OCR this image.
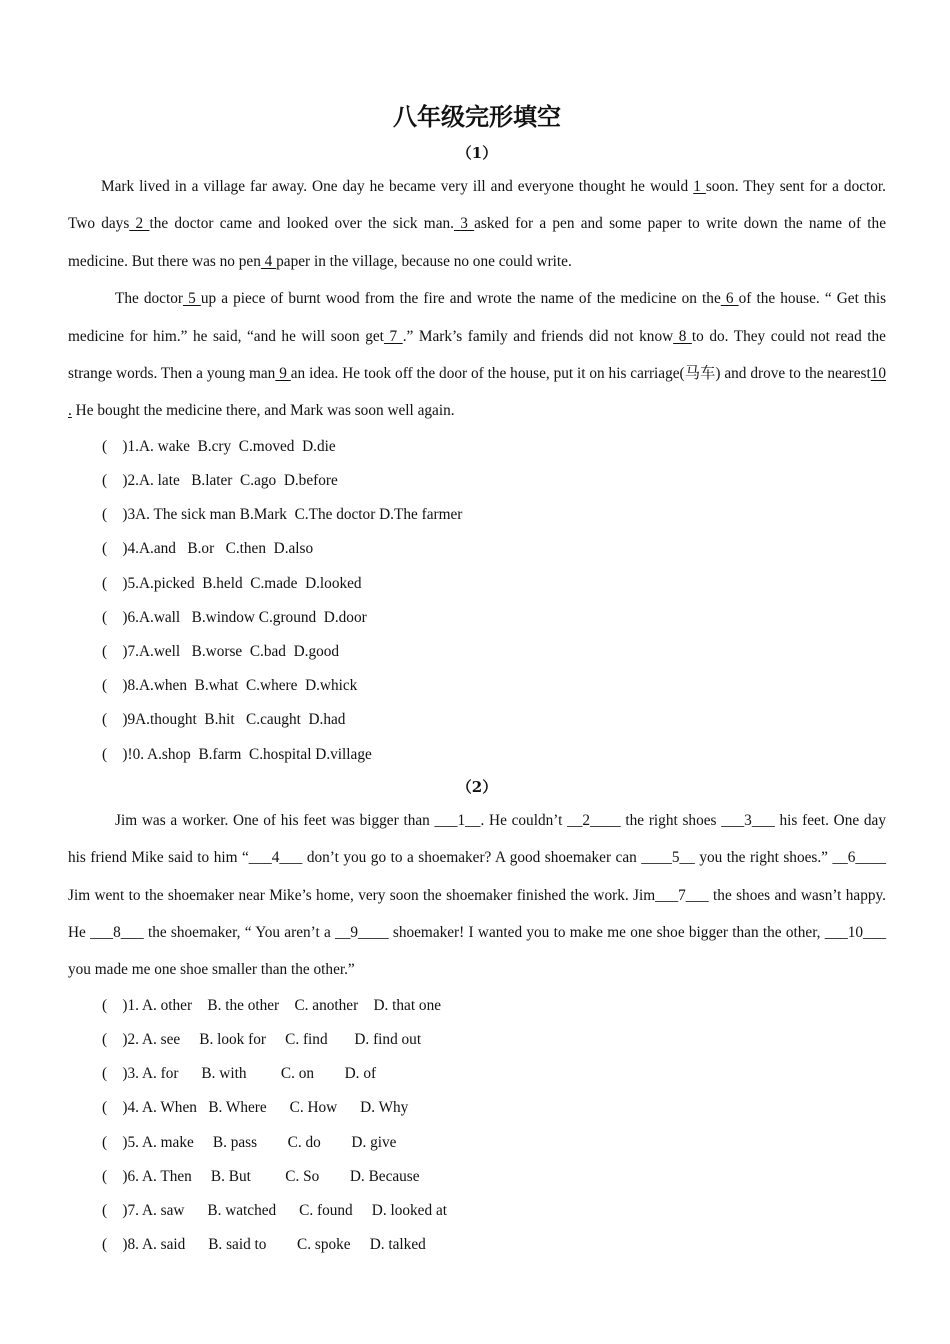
八年级完形填空
（1）

Mark lived in a village far away. One day he became very ill and everyone thought he would 1 soon. They sent for a doctor. Two days 2 the doctor came and looked over the sick man. 3 asked for a pen and some paper to write down the name of the medicine. But there was no pen 4 paper in the village, because no one could write.

The doctor 5 up a piece of burnt wood from the fire and wrote the name of the medicine on the 6 of the house. “ Get this medicine for him.” he said, “and he will soon get 7 .” Mark’s family and friends did not know 8 to do. They could not read the strange words. Then a young man 9 an idea. He took off the door of the house, put it on his carriage(马车) and drove to the nearest10 . He bought the medicine there, and Mark was soon well again.

(    )1.A. wake  B.cry  C.moved  D.die

(    )2.A. late   B.later  C.ago  D.before

(    )3A. The sick man B.Mark  C.The doctor D.The farmer

(    )4.A.and   B.or   C.then  D.also

(    )5.A.picked  B.held  C.made  D.looked

(    )6.A.wall   B.window C.ground  D.door

(    )7.A.well   B.worse  C.bad  D.good

(    )8.A.when  B.what  C.where  D.whick

(    )9A.thought  B.hit   C.caught  D.had

(    )!0. A.shop  B.farm  C.hospital D.village

（2）

Jim was a worker. One of his feet was bigger than ___1__. He couldn’t __2____ the right shoes ___3___ his feet. One day his friend Mike said to him “___4___ don’t you go to a shoemaker? A good shoemaker can ____5__ you the right shoes.” __6____ Jim went to the shoemaker near Mike’s home, very soon the shoemaker finished the work. Jim___7___ the shoes and wasn’t happy. He ___8___ the shoemaker, “ You aren’t a __9____ shoemaker! I wanted you to make me one shoe bigger than the other, ___10___ you made me one shoe smaller than the other.”

(    )1. A. other    B. the other    C. another    D. that one

(    )2. A. see     B. look for     C. find       D. find out

(    )3. A. for      B. with         C. on        D. of

(    )4. A. When   B. Where      C. How      D. Why

(    )5. A. make     B. pass        C. do        D. give

(    )6. A. Then     B. But         C. So        D. Because

(    )7. A. saw      B. watched      C. found     D. looked at

(    )8. A. said      B. said to        C. spoke     D. talked
